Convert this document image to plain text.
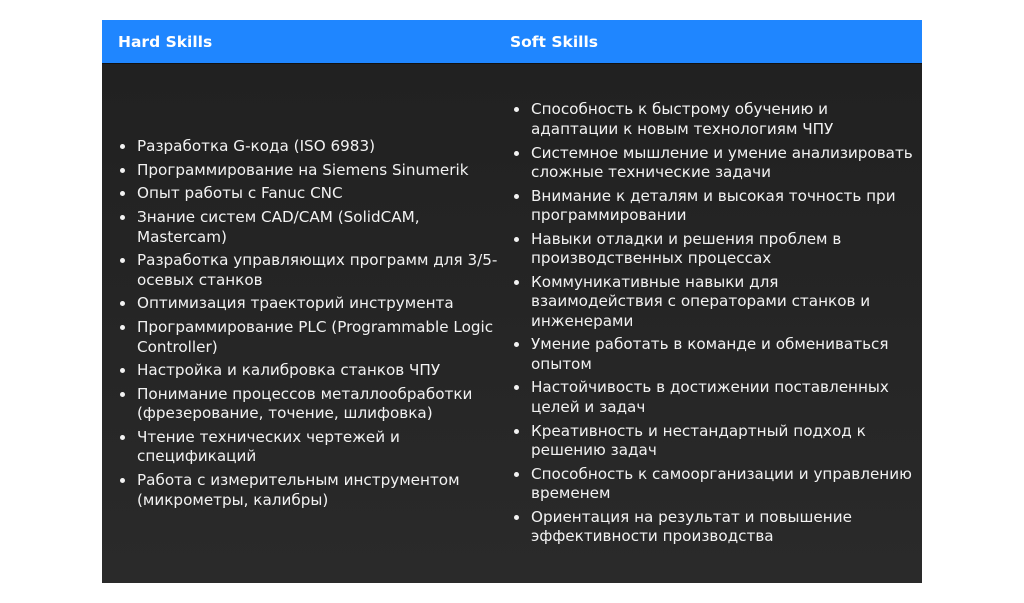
Hard Skills	Soft Skills
Разработка G-кода (ISO 6983)
Программирование на Siemens Sinumerik
Опыт работы с Fanuc CNC
Знание систем CAD/CAM (SolidCAM, Mastercam)
Разработка управляющих программ для 3/5-осевых станков
Оптимизация траекторий инструмента
Программирование PLC (Programmable Logic Controller)
Настройка и калибровка станков ЧПУ
Понимание процессов металлообработки (фрезерование, точение, шлифовка)
Чтение технических чертежей и спецификаций
Работа с измерительным инструментом (микрометры, калибры)
Способность к быстрому обучению и адаптации к новым технологиям ЧПУ
Системное мышление и умение анализировать сложные технические задачи
Внимание к деталям и высокая точность при программировании
Навыки отладки и решения проблем в производственных процессах
Коммуникативные навыки для взаимодействия с операторами станков и инженерами
Умение работать в команде и обмениваться опытом
Настойчивость в достижении поставленных целей и задач
Креативность и нестандартный подход к решению задач
Способность к самоорганизации и управлению временем
Ориентация на результат и повышение эффективности производства
